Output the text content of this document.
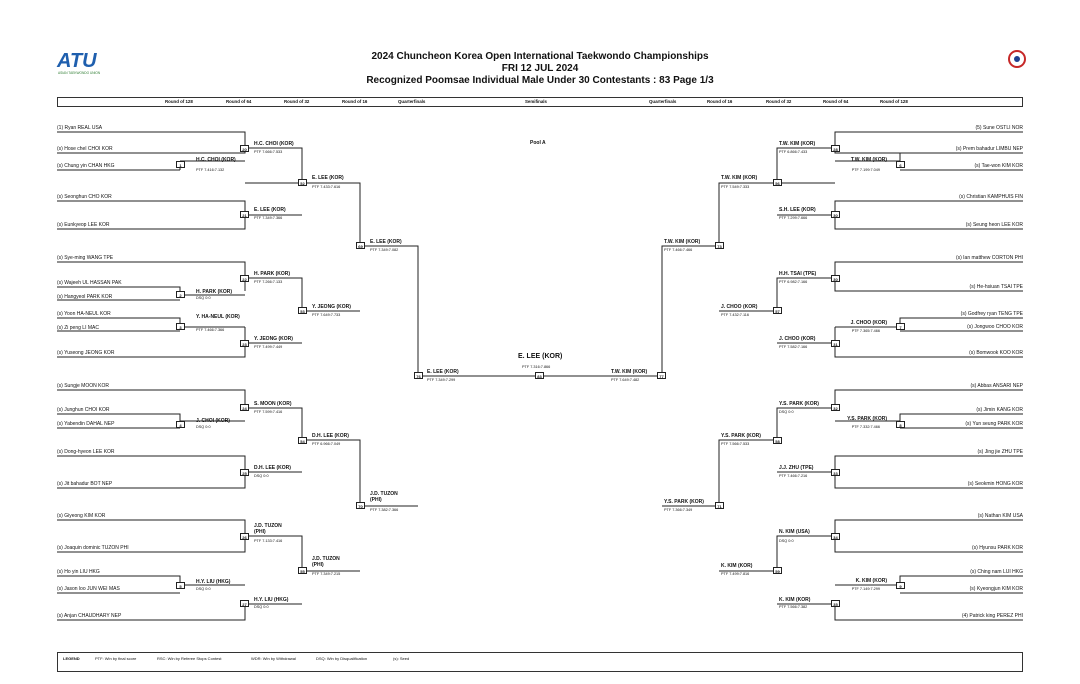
ATU
ASIAN TAEKWONDO UNION
2024 Chuncheon Korea Open International Taekwondo Championships
FRI 12 JUL 2024
Recognized Poomsae Individual Male Under 30 Contestants : 83 Page 1/3
Round of 128	Round of 64	Round of 32	Round of 16	Quarterfinals	Semifinals	Quarterfinals	Round of 16	Round of 32	Round of 64	Round of 128
Pool A
(1) Ryan REAL USA
(s) Hose chel CHOI KOR
(s) Chung yin CHAN HKG
(s) Seonghun CHO KOR
(s) Eunkyeop LEE KOR
(s) Sye-ming WANG TPE
(s) Wajeeh UL HASSAN PAK
(s) Hangyeol PARK KOR
(s) Yoon HA-NEUL KOR
(s) Zi peng LI MAC
(s) Yuseong JEONG KOR
(s) Sungje MOON KOR
(s) Junghun CHOI KOR
(s) Yabendin DAHAL NEP
(s) Dong-hyeon LEE KOR
(s) Jit bahadur BOT NEP
(s) Giyeong KIM KOR
(s) Joaquin dominic TUZON PHI
(s) Ho yin LIU HKG
(s) Jason loo JUN WEI MAS
(s) Anjan CHAUDHARY NEP
(5) Sune OSTLI NOR
(s) Prem bahadur LIMBU NEP
(s) Tae-won KIM KOR
(s) Christian KAMPHUIS FIN
(s) Seung heon LEE KOR
(s) Ian matthew CORTON PHI
(s) He-hsiuan TSAI TPE
(s) Godfrey ryan TENG TPE
(s) Jongwoo CHOO KOR
(s) Bomwook KOO KOR
(s) Abbas ANSARI NEP
(s) Jimin KANG KOR
(s) Yun seung PARK KOR
(s) Jing jie ZHU TPE
(s) Seokmin HONG KOR
(s) Nathan KIM USA
(s) Hyunsu PARK KOR
(s) Ching nam LUI HKG
(s) Kyeongjun KIM KOR
(4) Patrick king PEREZ PHI
H.C. CHOI (KOR)
PTF 7.416:7.132
H. PARK (KOR)
DSQ 0:0
Y. HA-NEUL (KOR)
PTF 7.466:7.366
J. CHOI (KOR)
DSQ 0:0
H.Y. LIU (HKG)
DSQ 0:0
H.C. CHOI (KOR)
PTF 7.666:7.533
E. LEE (KOR)
PTF 7.349:7.366
H. PARK (KOR)
PTF 7.266:7.133
Y. JEONG (KOR)
PTF 7.499:7.449
S. MOON (KOR)
PTF 7.599:7.416
D.H. LEE (KOR)
DSQ 0:0
J.D. TUZON (PHI)
PTF 7.133:7.416
H.Y. LIU (HKG)
DSQ 0:0
E. LEE (KOR)
PTF 7.433:7.616
Y. JEONG (KOR)
PTF 7.649:7.733
D.H. LEE (KOR)
PTF 6.966:7.049
J.D. TUZON (PHI)
PTF 7.349:7.215
E. LEE (KOR)
PTF 7.349:7.082
J.D. TUZON (PHI)
PTF 7.382:7.366
E. LEE (KOR)
PTF 7.349:7.299
E. LEE (KOR)
PTF 7.316:7.866
T.W. KIM (KOR)
PTF 7.199:7.049
J. CHOO (KOR)
PTF 7.365:7.466
Y.S. PARK (KOR)
PTF 7.332:7.466
K. KIM (KOR)
PTF 7.149:7.299
T.W. KIM (KOR)
PTF 6.866:7.433
S.H. LEE (KOR)
PTF 7.299:7.666
H.H. TSAI (TPE)
PTF 6.982:7.166
J. CHOO (KOR)
PTF 7.582:7.166
Y.S. PARK (KOR)
DSQ 0:0
J.J. ZHU (TPE)
PTF 7.466:7.216
N. KIM (USA)
DSQ 0:0
K. KIM (KOR)
PTF 7.566:7.382
T.W. KIM (KOR)
PTF 7.549:7.333
J. CHOO (KOR)
PTF 7.432:7.116
Y.S. PARK (KOR)
PTF 7.566:7.533
K. KIM (KOR)
PTF 7.499:7.816
T.W. KIM (KOR)
PTF 7.466:7.466
Y.S. PARK (KOR)
PTF 7.366:7.349
T.W. KIM (KOR)
PTF 7.649:7.482
1
2
3
4
5
20
21
22
23
24
25
26
27
52
53
54
55
69
70
76	83	77
73
71
56
57
58
59
28
30
30
31
32
33
34
35
6
7
8
9
LEGEND	PTF: Win by final score	RSC: Win by Referee Stops Contest	WDR: Win by Withdrawal	DSQ: Win by Disqualification	(s): Seed
